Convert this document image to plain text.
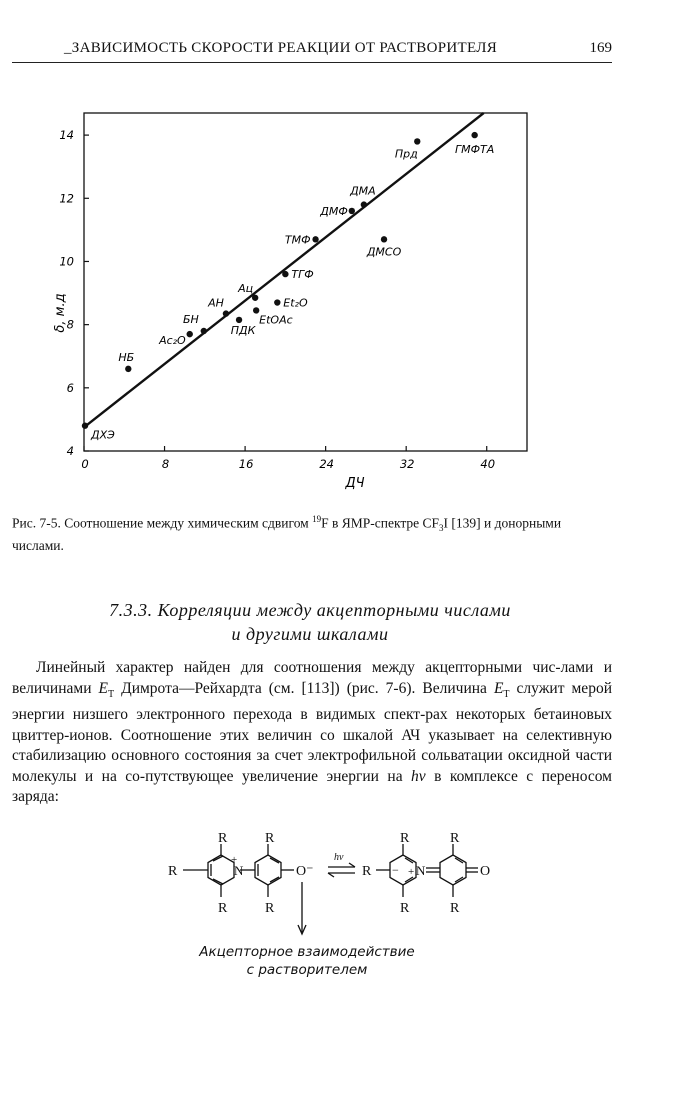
_ЗАВИСИМОСТЬ СКОРОСТИ РЕАКЦИИ ОТ РАСТВОРИТЕЛЯ	169
4
6
8
10
12
14
0	8	16	24	32	40
ДХЭ
НБ
Ac₂O
БН
АН
ПДК
Ац
EtOAc
Et₂O
ТГФ
ТМФ
ДМФ
ДМА
ДМСО
Прд	ГМФТА
ДЧ
δ, м.д
Рис. 7-5. Соотношение между химическим сдвигом $^{19}$F в ЯМР-спектре $CF_3I$ [139] и донорными числами.
7.3.3. Корреляции между акцепторными числами
и другими шкалами
Линейный характер найден для соотношения между акцепторными чис-лами и величинами $E_T$ Димрота—Рейхардта (см. [113]) (рис. 7-6). Величина $E_T$ служит мерой энергии низшего электронного перехода в видимых спект-рах некоторых бетаиновых цвиттер-ионов. Соотношение этих величин со шкалой АЧ указывает на селективную стабилизацию основного состояния за счет электрофильной сольватации оксидной части молекулы и на со-путствующее увеличение энергии на hν в комплексе с переносом заряда:
R
R
R
N
+
R
R
O⁻
hν
R −
R
R
+ N
R
R
O
Акцепторное взаимодействие
с растворителем
